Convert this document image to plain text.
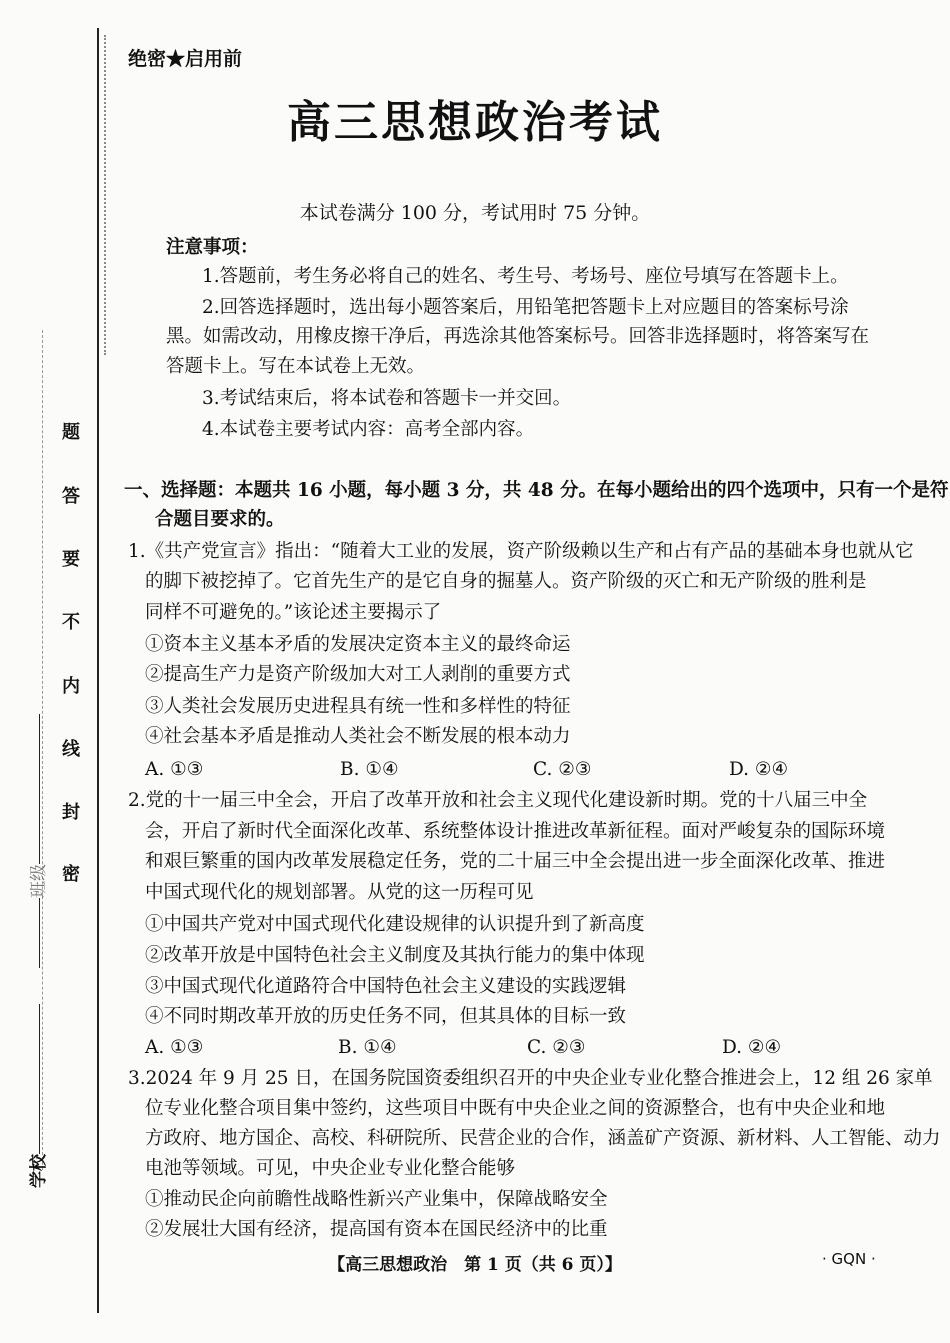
题
答
要
不
内
线
封
密
学校
班级
绝密★启用前
高三思想政治考试
本试卷满分 100 分，考试用时 75 分钟。
注意事项：
1.答题前，考生务必将自己的姓名、考生号、考场号、座位号填写在答题卡上。
2.回答选择题时，选出每小题答案后，用铅笔把答题卡上对应题目的答案标号涂
黑。如需改动，用橡皮擦干净后，再选涂其他答案标号。回答非选择题时，将答案写在
答题卡上。写在本试卷上无效。
3.考试结束后，将本试卷和答题卡一并交回。
4.本试卷主要考试内容：高考全部内容。
一、选择题：本题共 16 小题，每小题 3 分，共 48 分。在每小题给出的四个选项中，只有一个是符
合题目要求的。
1.《共产党宣言》指出：“随着大工业的发展，资产阶级赖以生产和占有产品的基础本身也就从它
的脚下被挖掉了。它首先生产的是它自身的掘墓人。资产阶级的灭亡和无产阶级的胜利是
同样不可避免的。”该论述主要揭示了
①资本主义基本矛盾的发展决定资本主义的最终命运
②提高生产力是资产阶级加大对工人剥削的重要方式
③人类社会发展历史进程具有统一性和多样性的特征
④社会基本矛盾是推动人类社会不断发展的根本动力
A. ①③	B. ①④	C. ②③	D. ②④
2.党的十一届三中全会，开启了改革开放和社会主义现代化建设新时期。党的十八届三中全
会，开启了新时代全面深化改革、系统整体设计推进改革新征程。面对严峻复杂的国际环境
和艰巨繁重的国内改革发展稳定任务，党的二十届三中全会提出进一步全面深化改革、推进
中国式现代化的规划部署。从党的这一历程可见
①中国共产党对中国式现代化建设规律的认识提升到了新高度
②改革开放是中国特色社会主义制度及其执行能力的集中体现
③中国式现代化道路符合中国特色社会主义建设的实践逻辑
④不同时期改革开放的历史任务不同，但其具体的目标一致
A. ①③	B. ①④	C. ②③	D. ②④
3.2024 年 9 月 25 日，在国务院国资委组织召开的中央企业专业化整合推进会上，12 组 26 家单
位专业化整合项目集中签约，这些项目中既有中央企业之间的资源整合，也有中央企业和地
方政府、地方国企、高校、科研院所、民营企业的合作，涵盖矿产资源、新材料、人工智能、动力
电池等领域。可见，中央企业专业化整合能够
①推动民企向前瞻性战略性新兴产业集中，保障战略安全
②发展壮大国有经济，提高国有资本在国民经济中的比重
【高三思想政治　第 1 页（共 6 页）】	· GQN ·
